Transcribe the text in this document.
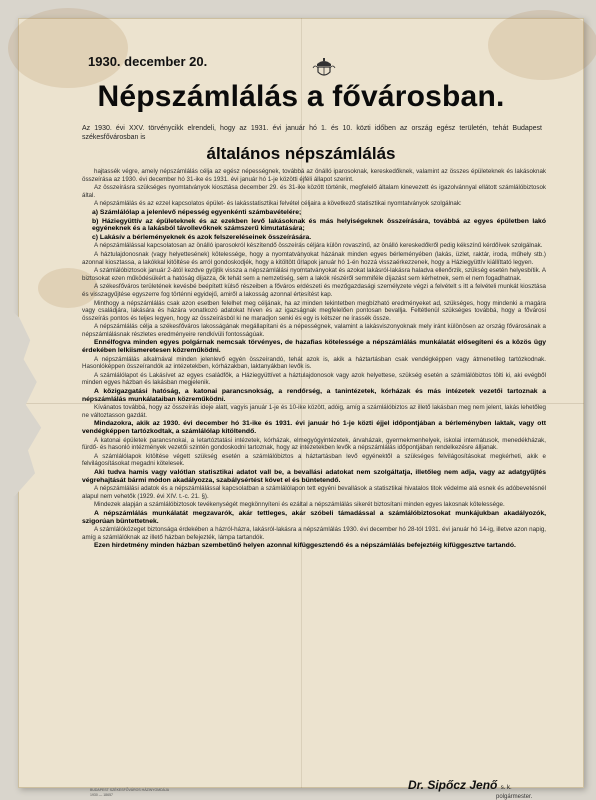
1930. december 20.
Népszámlálás a fővárosban.
Az 1930. évi XXV. törvénycikk elrendeli, hogy az 1931. évi január hó 1. és 10. közti időben az ország egész területén, tehát Budapest székesfővárosban is
általános népszámlálás

hajtassék végre, amely népszámlálás célja az egész népességnek, továbbá az önálló iparosoknak, kereskedőknek, valamint az összes épületeknek és lakásoknak összeírása az 1930. évi december hó 31-ike és 1931. évi január hó 1-je közötti éjféli állapot szerint.

Az összeírásra szükséges nyomtatványok kiosztása december 29. és 31-ike között történik, megfelelő általam kinevezett és igazolvánnyal ellátott számlálóbiztosok által.

A népszámlálás és az ezzel kapcsolatos épület- és lakásstatisztikai felvétel céljaira a következő statisztikai nyomtatványok szolgálnak:

a) Számlálólap a jelenlevő népesség egyenkénti számbavételére;

b) Háziegyüttív az épületeknek és az ezekben levő lakásoknak és más helyiségeknek összeírására, továbbá az egyes épületben lakó egyéneknek és a lakásból távollevőknek számszerű kimutatására;

c) Lakásív a bérleményeknek és azok felszereléseinek összeírására.

A népszámlálással kapcsolatosan az önálló iparosokról készítendő összeírás céljára külön rovaszínű, az önálló kereskedőkről pedig kékszínű kérdőívek szolgálnak.

A háztulajdonosnak (vagy helyettesének) kötelessége, hogy a nyomtatványokat házának minden egyes bérleményében (lakás, üzlet, raktár, iroda, műhely stb.) azonnal kiosztassa, a lakókkal kitöltése és arról gondoskodjék, hogy a kitöltött űrlapok január hó 1-én hozzá visszaérkezzenek, hogy a Háziegyüttív kiállíttató legyen.

A számlálóbiztosok január 2-ától kezdve gyűjtik vissza a népszámlálási nyomtatványokat és azokat lakásról-lakásra haladva ellenőrzik, szükség esetén helyesbítik. A biztosokat ezen működésükért a hatóság díjazza, ők tehát sem a nemzetiség, sem a lakók részéről semmiféle díjazást sem kérhetnek, sem el nem fogadhatnak.

A székesfőváros területének kevésbé beépített külső részeiben a főváros erdészeti és mezőgazdasági személyzete végzi a felvételt s itt a felvételi munkát kiosztása és visszagyűjtése egyszerre fog történni egyidejű, amiről a lakosság azonnal értesítést kap.

Minthogy a népszámlálás csak azon esetben felelhet meg céljának, ha az minden tekintetben megbízható eredményeket ad, szükséges, hogy mindenki a magára vagy családjára, lakására és házára vonatkozó adatokat híven és az igazságnak megfelelően pontosan bevallja. Feltétlenül szükséges továbbá, hogy a fővárosi összeírás pontos és teljes legyen, hogy az összeírásból ki ne maradjon senki és egy is kétszer ne írassék össze.

A népszámlálás célja a székesfőváros lakosságának megállapítani és a népességnek, valamint a lakásviszonyoknak mely iránt különösen az ország fővárosának a népszámlálásnak részletes eredményeire rendkívüli fontosságúak.

Ennélfogva minden egyes polgárnak nemcsak törvényes, de hazafias kötelessége a népszámlálás munkálatát elősegíteni és a közös ügy érdekében lelkiismeretesen közreműködni.

A népszámlálás alkalmával minden jelenlevő egyén összeírandó, tehát azok is, akik a háztartásban csak vendégképpen vagy átmenetileg tartózkodnak. Hasonlóképpen összeírandók az intézetekben, kórházakban, laktanyákban levők is.

A számlálólapot és Lakásívet az egyes családfők, a Háziegyüttívet a háztulajdonosok vagy azok helyettese, szükség esetén a számlálóbiztos tölti ki, aki evégből minden egyes házban és lakásban megjelenik.

A közigazgatási hatóság, a katonai parancsnokság, a rendőrség, a tanintézetek, kórházak és más intézetek vezetői tartoznak a népszámlálás munkálataiban közreműködni.

Kívánatos továbbá, hogy az összeírás ideje alatt, vagyis január 1-je és 10-ike között, adóig, amíg a számlálóbiztos az illető lakásban meg nem jelent, lakás lehetőleg ne változtasson gazdát.

Mindazokra, akik az 1930. évi december hó 31-ike és 1931. évi január hó 1-je közti éjjel időpontjában a bérleményben laktak, vagy ott vendégképpen tartózkodtak, a számlálólap kitöltendő.

A katonai épületek parancsnokai, a letartóztatási intézetek, kórházak, elmegyógyintézetek, árvaházak, gyermekmenhelyek, iskolai internátusok, menedékházak, fürdő- és hasonló intézmények vezetői szintén gondoskodni tartoznak, hogy az intézetekben levők a népszámlálás időpontjában rendelkezésre álljanak.

A számlálólapok kitöltése végett szükség esetén a számlálóbiztos a háztartásban levő egyénektől a szükséges felvilágosításokat megkérheti, akik e felvilágosításokat megadni kötelesek.

Aki tudva hamis vagy valótlan statisztikai adatot vall be, a bevallási adatokat nem szolgáltatja, illetőleg nem adja, vagy az adatgyűjtés végrehajtását bármi módon akadályozza, szabálysértést követ el és büntetendő.

A népszámlálási adatok és a népszámlálással kapcsolatban a számlálólapon tett egyéni bevallások a statisztikai hivatalos titok védelme alá esnek és adóbevetésnél alapul nem vehetők (1929. évi XIV. t.-c. 21. §).

Mindezek alapján a számlálóbiztosok tevékenységét megkönnyíteni és ezáltal a népszámlálás sikerét biztosítani minden egyes lakosnak kötelessége.

A népszámlálás munkálatát megzavarók, akár tettleges, akár szóbeli támadással a számlálóbiztosokat munkájukban akadályozók, szigorúan büntettetnek.

A számlálóközeget biztonsága érdekében a házról-házra, lakásról-lakásra a népszámlálás 1930. évi december hó 28-tól 1931. évi január hó 14-ig, illetve azon napig, amíg a számlálóknak az illető házban befejezték, lámpa tartandók.

Ezen hirdetmény minden házban szembetűnő helyen azonnal kifüggesztendő és a népszámlálás befejeztéig kifüggesztve tartandó.

BUDAPEST SZÉKESFŐVÁROS HÁZINYOMDÁJA 1930 — 18657
Dr. Sipőcz Jenő s. k.
polgármester.
